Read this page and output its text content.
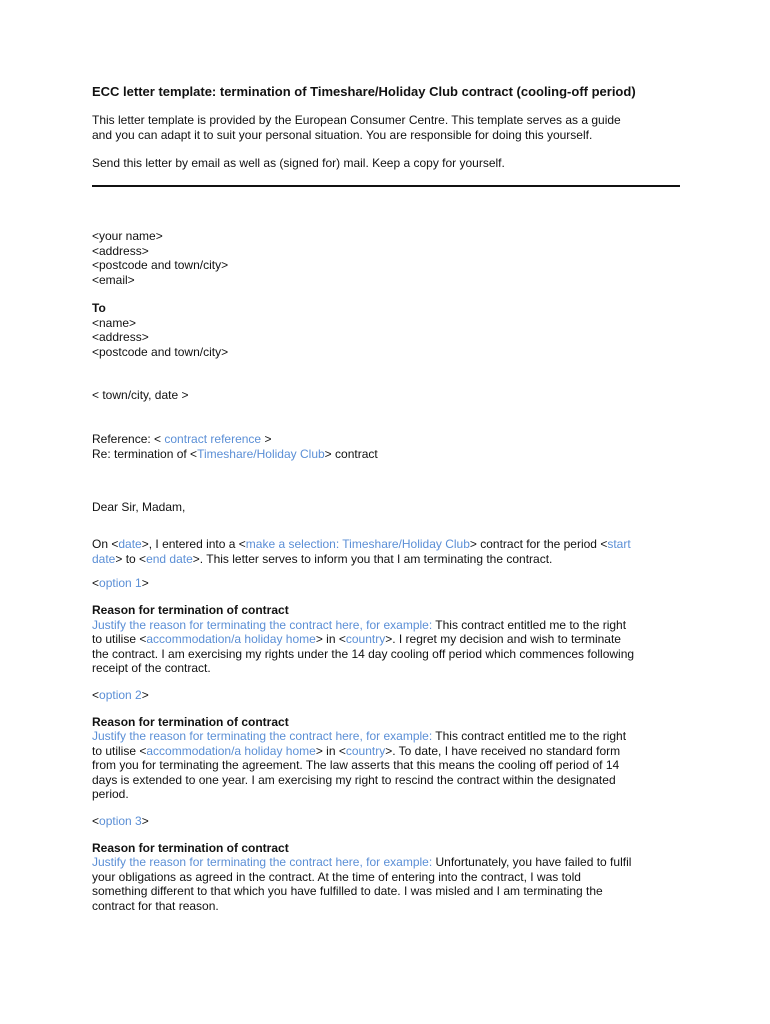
ECC letter template: termination of Timeshare/Holiday Club contract (cooling-off period)
This letter template is provided by the European Consumer Centre. This template serves as a guide
and you can adapt it to suit your personal situation. You are responsible for doing this yourself.
Send this letter by email as well as (signed for) mail. Keep a copy for yourself.
<your name>
<address>
<postcode and town/city>
<email>
To
<name>
<address>
<postcode and town/city>
< town/city, date >
Reference: < contract reference >
Re: termination of <Timeshare/Holiday Club> contract
Dear Sir, Madam,
On <date>, I entered into a <make a selection: Timeshare/Holiday Club> contract for the period <start
date> to <end date>. This letter serves to inform you that I am terminating the contract.
<option 1>
Reason for termination of contract
Justify the reason for terminating the contract here, for example: This contract entitled me to the right
to utilise <accommodation/a holiday home> in <country>. I regret my decision and wish to terminate
the contract. I am exercising my rights under the 14 day cooling off period which commences following
receipt of the contract.
<option 2>
Reason for termination of contract
Justify the reason for terminating the contract here, for example: This contract entitled me to the right
to utilise <accommodation/a holiday home> in <country>. To date, I have received no standard form
from you for terminating the agreement. The law asserts that this means the cooling off period of 14
days is extended to one year. I am exercising my right to rescind the contract within the designated
period.
<option 3>
Reason for termination of contract
Justify the reason for terminating the contract here, for example: Unfortunately, you have failed to fulfil
your obligations as agreed in the contract. At the time of entering into the contract, I was told
something different to that which you have fulfilled to date. I was misled and I am terminating the
contract for that reason.
